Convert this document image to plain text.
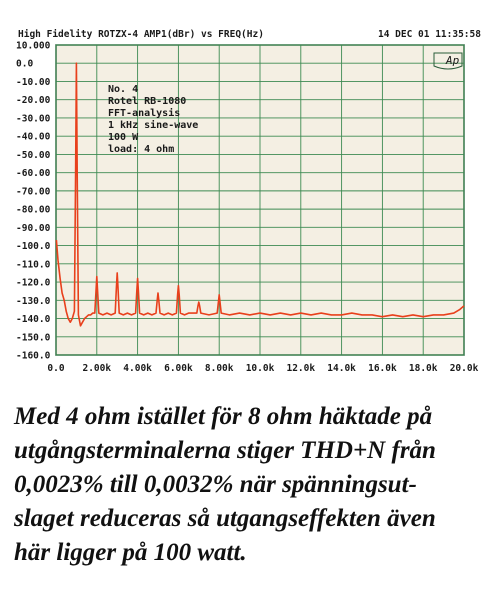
High Fidelity ROTZX-4 AMP1(dBr) vs FREQ(Hz)	14 DEC 01 11:35:58
10.000
0.0
-10.00
-20.00
-30.00
-40.00
-50.00
-60.00
-70.00
-80.00
-90.00
-100.0
-110.0
-120.0
-130.0
-140.0
-150.0
-160.0
0.0 2.00k 4.00k 6.00k 8.00k 10.0k 12.0k 14.0k 16.0k 18.0k 20.0k
Ap
No. 4
Rotel RB-1080
FFT-analysis
1 kHz sine-wave
100 W
load: 4 ohm
Med 4 ohm istället för 8 ohm häktade på
utgångsterminalerna stiger THD+N från
0,0023% till 0,0032% när spänningsut-
slaget reduceras så utgangseffekten även
här ligger på 100 watt.
